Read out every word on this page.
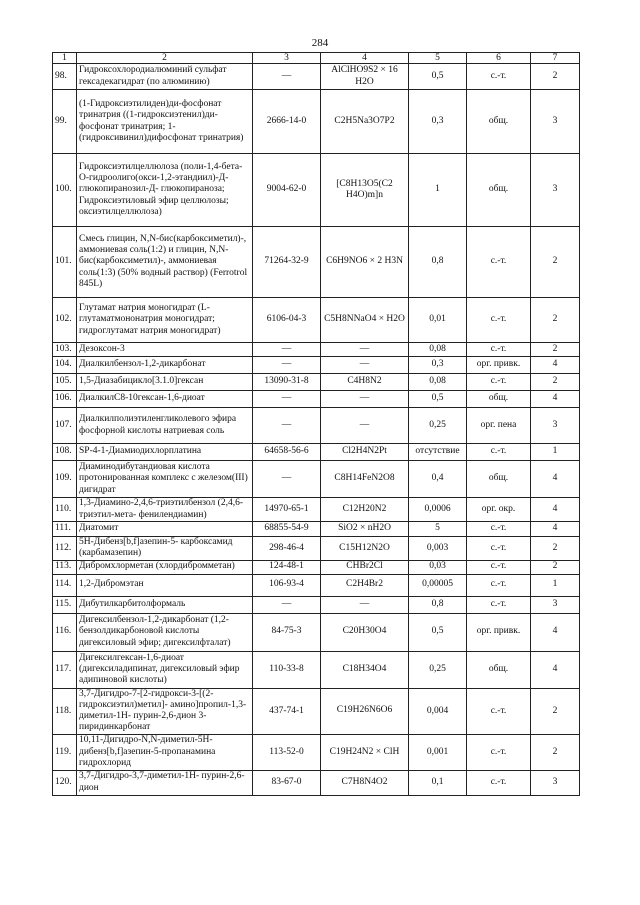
284
1	2	3	4	5	6	7
98.	Гидроксохлородиалюминий сульфат гексадекагидрат (по алюминию)	—	AlClHO9S2 × 16 H2O	0,5	с.-т.	2
99.	(1-Гидроксиэтилиден)ди-фосфонат тринатрия ((1-гидроксиэтенил)ди-фосфонат тринатрия; 1-(гидроксивинил)дифосфонат тринатрия)	2666-14-0	C2H5Na3O7P2	0,3	общ.	3
100.	Гидроксиэтилцеллюлоза (поли-1,4-бета-O-гидроолиго(окси-1,2-этандиил)-Д-глюкопиранозил-Д- глюкопираноза; Гидроксиэтиловый эфир целлюлозы; оксиэтилцеллюлоза)	9004-62-0	[C8H13O5(C2 H4O)m]n	1	общ.	3
101.	Смесь глицин, N,N-бис(карбоксиметил)-, аммониевая соль(1:2) и глицин, N,N-бис(карбоксиметил)-, аммониевая соль(1:3) (50% водный раствор) (Ferrotrol 845L)	71264-32-9	C6H9NO6 × 2 H3N	0,8	с.-т.	2
102.	Глутамат натрия моногидрат (L-глутаматмононатрия моногидрат; гидроглутамат натрия моногидрат)	6106-04-3	C5H8NNaO4 × H2O	0,01	с.-т.	2
103.	Дезоксон-3	—	—	0,08	с.-т.	2
104.	Диалкилбензол-1,2-дикарбонат	—	—	0,3	орг. привк.	4
105.	1,5-Диазабицикло[3.1.0]гексан	13090-31-8	C4H8N2	0,08	с.-т.	2
106.	ДиалкилC8-10гексан-1,6-диоат	—	—	0,5	общ.	4
107.	Диалкилполиэтиленгликолевого эфира фосфорной кислоты натриевая соль	—	—	0,25	орг. пена	3
108.	SP-4-1-Диамиодихлорплатина	64658-56-6	Cl2H4N2Pt	отсутствие	с.-т.	1
109.	Диаминодибутандиовая кислота протонированная комплекс с железом(III) дигидрат	—	C8H14FeN2O8	0,4	общ.	4
110.	1,3-Диамино-2,4,6-триэтилбензол (2,4,6-триэтил-мета- фенилендиамин)	14970-65-1	C12H20N2	0,0006	орг. окр.	4
111.	Диатомит	68855-54-9	SiO2 × nH2O	5	с.-т.	4
112.	5H-Дибенз[b,f]азепин-5- карбоксамид (карбамазепин)	298-46-4	C15H12N2O	0,003	с.-т.	2
113.	Дибромхлорметан (хлордибромметан)	124-48-1	CHBr2Cl	0,03	с.-т.	2
114.	1,2-Дибромэтан	106-93-4	C2H4Br2	0,00005	с.-т.	1
115.	Дибутилкарбитолформаль	—	—	0,8	с.-т.	3
116.	Дигексилбензол-1,2-дикарбонат (1,2-бензолдикарбоновой кислоты дигексиловый эфир; дигексилфталат)	84-75-3	C20H30O4	0,5	орг. привк.	4
117.	Дигексилгексан-1,6-диоат (дигексиладипинат, дигексиловый эфир адипиновой кислоты)	110-33-8	C18H34O4	0,25	общ.	4
118.	3,7-Дигидро-7-[2-гидрокси-3-[(2-гидроксиэтил)метил]- амино]пропил-1,3-диметил-1H- пурин-2,6-дион 3-пиридинкарбонат	437-74-1	C19H26N6O6	0,004	с.-т.	2
119.	10,11-Дигидро-N,N-диметил-5H-дибенз[b,f]азепин-5-пропанамина гидрохлорид	113-52-0	C19H24N2 × ClH	0,001	с.-т.	2
120.	3,7-Дигидро-3,7-диметил-1H- пурин-2,6-дион	83-67-0	C7H8N4O2	0,1	с.-т.	3
